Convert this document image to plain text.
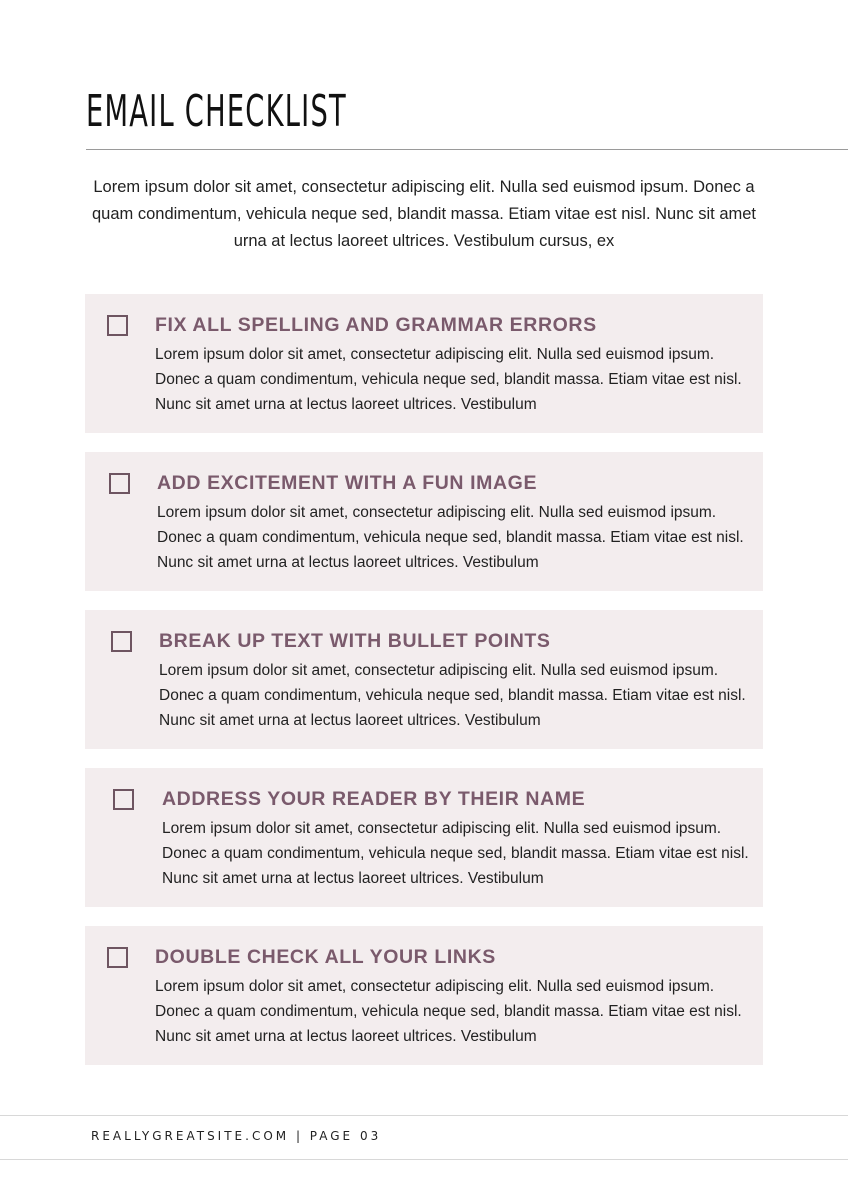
EMAIL CHECKLIST
Lorem ipsum dolor sit amet, consectetur adipiscing elit. Nulla sed euismod ipsum. Donec a quam condimentum, vehicula neque sed, blandit massa. Etiam vitae est nisl. Nunc sit amet urna at lectus laoreet ultrices. Vestibulum cursus, ex
FIX ALL SPELLING AND GRAMMAR ERRORS
Lorem ipsum dolor sit amet, consectetur adipiscing elit. Nulla sed euismod ipsum. Donec a quam condimentum, vehicula neque sed, blandit massa. Etiam vitae est nisl. Nunc sit amet urna at lectus laoreet ultrices. Vestibulum
ADD EXCITEMENT WITH A FUN IMAGE
Lorem ipsum dolor sit amet, consectetur adipiscing elit. Nulla sed euismod ipsum. Donec a quam condimentum, vehicula neque sed, blandit massa. Etiam vitae est nisl. Nunc sit amet urna at lectus laoreet ultrices. Vestibulum
BREAK UP TEXT WITH BULLET POINTS
Lorem ipsum dolor sit amet, consectetur adipiscing elit. Nulla sed euismod ipsum. Donec a quam condimentum, vehicula neque sed, blandit massa. Etiam vitae est nisl. Nunc sit amet urna at lectus laoreet ultrices. Vestibulum
ADDRESS YOUR READER BY THEIR NAME
Lorem ipsum dolor sit amet, consectetur adipiscing elit. Nulla sed euismod ipsum. Donec a quam condimentum, vehicula neque sed, blandit massa. Etiam vitae est nisl. Nunc sit amet urna at lectus laoreet ultrices. Vestibulum
DOUBLE CHECK ALL YOUR LINKS
Lorem ipsum dolor sit amet, consectetur adipiscing elit. Nulla sed euismod ipsum. Donec a quam condimentum, vehicula neque sed, blandit massa. Etiam vitae est nisl. Nunc sit amet urna at lectus laoreet ultrices. Vestibulum
REALLYGREATSITE.COM | PAGE 03
